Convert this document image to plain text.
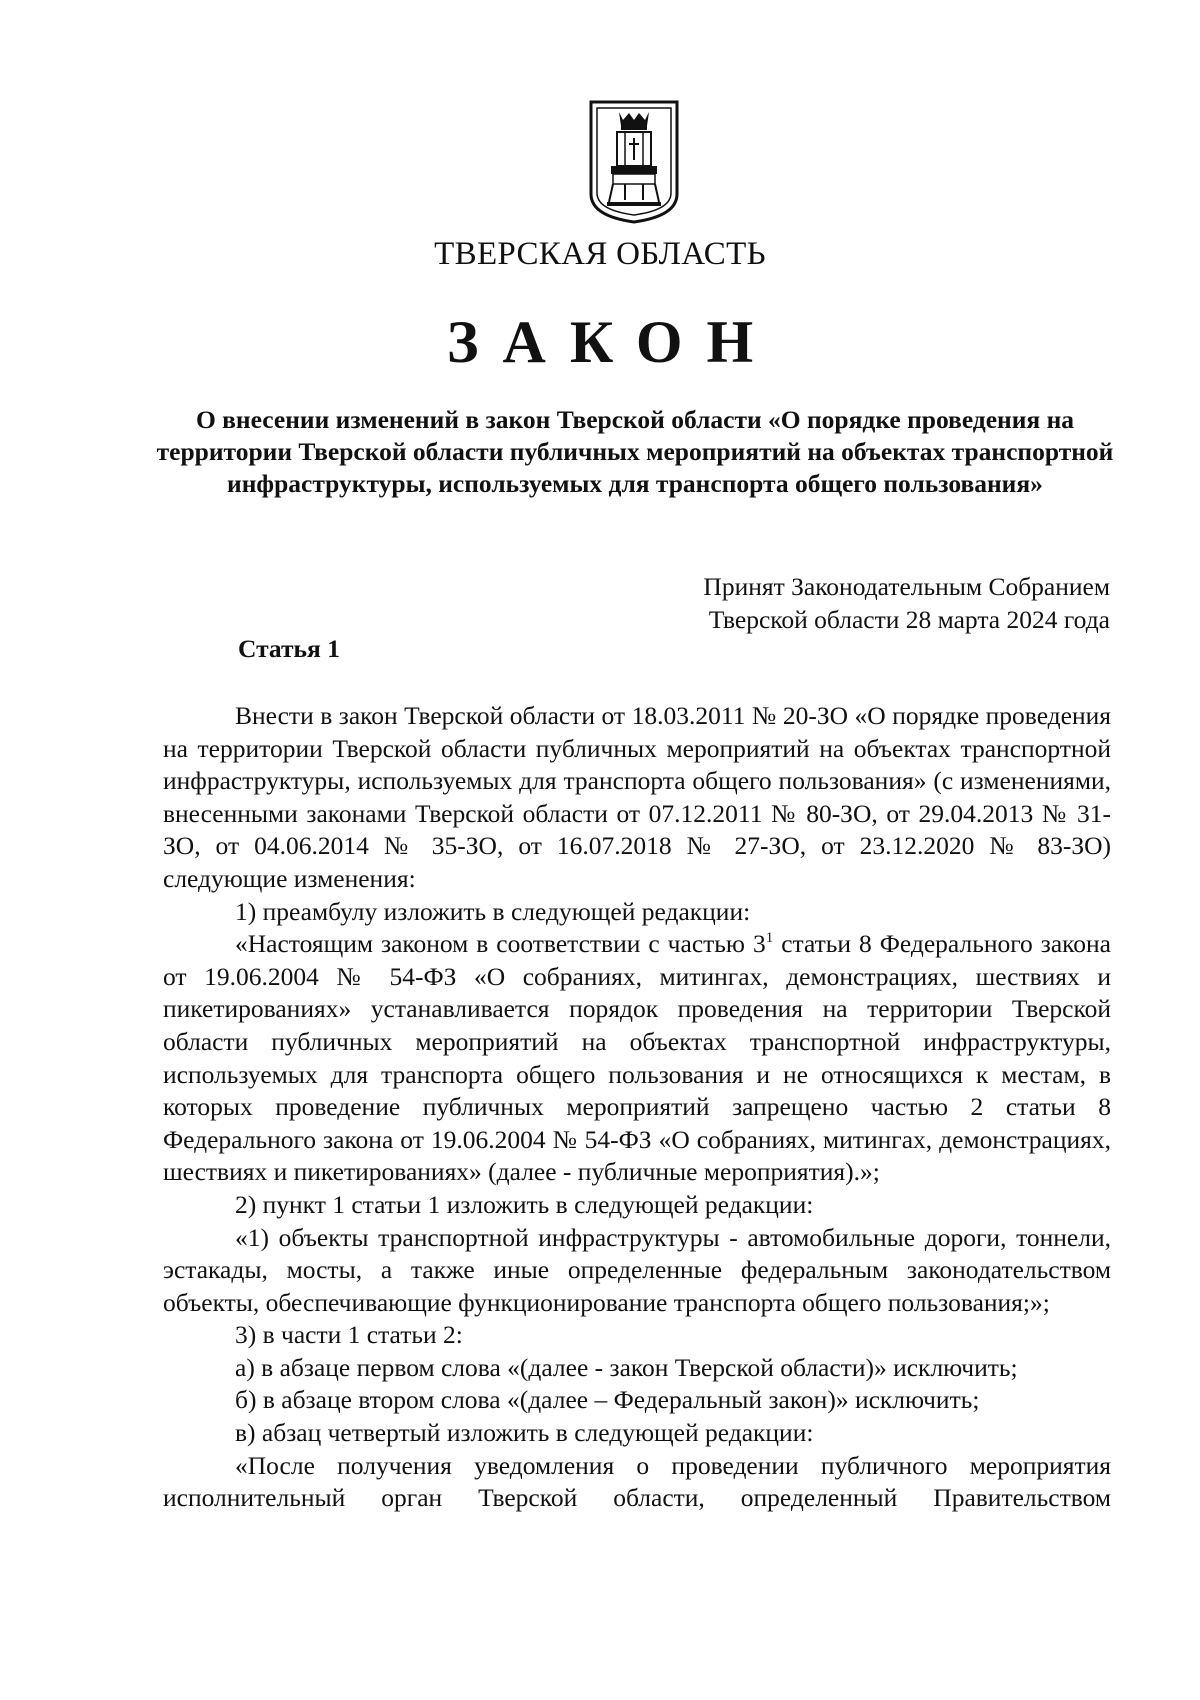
ТВЕРСКАЯ ОБЛАСТЬ
ЗАКОН
О внесении изменений в закон Тверской области «О порядке проведения на территории Тверской области публичных мероприятий на объектах транспортной инфраструктуры, используемых для транспорта общего пользования»
Принят Законодательным Собранием
Тверской области 28 марта 2024 года
Статья 1

Внести в закон Тверской области от 18.03.2011 № 20-ЗО «О порядке проведения на территории Тверской области публичных мероприятий на объектах транспортной инфраструктуры, используемых для транспорта общего пользования» (с изменениями, внесенными законами Тверской области от 07.12.2011 № 80-ЗО, от 29.04.2013 № 31-ЗО, от 04.06.2014 № 35-ЗО, от 16.07.2018 № 27-ЗО, от 23.12.2020 № 83-ЗО) следующие изменения:

1) преамбулу изложить в следующей редакции:

«Настоящим законом в соответствии с частью $3^1$ статьи 8 Федерального закона от 19.06.2004 № 54-ФЗ «О собраниях, митингах, демонстрациях, шествиях и пикетированиях» устанавливается порядок проведения на территории Тверской области публичных мероприятий на объектах транспортной инфраструктуры, используемых для транспорта общего пользования и не относящихся к местам, в которых проведение публичных мероприятий запрещено частью 2 статьи 8 Федерального закона от 19.06.2004 № 54-ФЗ «О собраниях, митингах, демонстрациях, шествиях и пикетированиях» (далее - публичные мероприятия).»;

2) пункт 1 статьи 1 изложить в следующей редакции:

«1) объекты транспортной инфраструктуры - автомобильные дороги, тоннели, эстакады, мосты, а также иные определенные федеральным законодательством объекты, обеспечивающие функционирование транспорта общего пользования;»;

3) в части 1 статьи 2:

а) в абзаце первом слова «(далее - закон Тверской области)» исключить;

б) в абзаце втором слова «(далее – Федеральный закон)» исключить;

в) абзац четвертый изложить в следующей редакции:

«После получения уведомления о проведении публичного мероприятия исполнительный орган Тверской области, определенный Правительством
